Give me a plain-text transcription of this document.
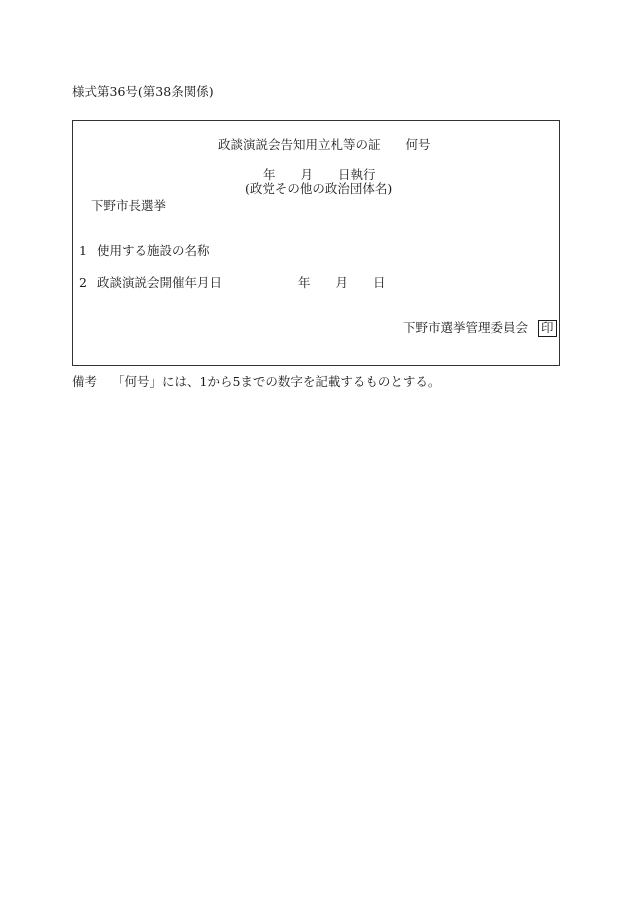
様式第36号(第38条関係)
政談演説会告知用立札等の証　　何号
年　　月　　日執行
(政党その他の政治団体名)
下野市長選挙
1 使用する施設の名称
2 政談演説会開催年月日	年　　月　　日
下野市選挙管理委員会 印
備考 「何号」には、1から5までの数字を記載するものとする。
